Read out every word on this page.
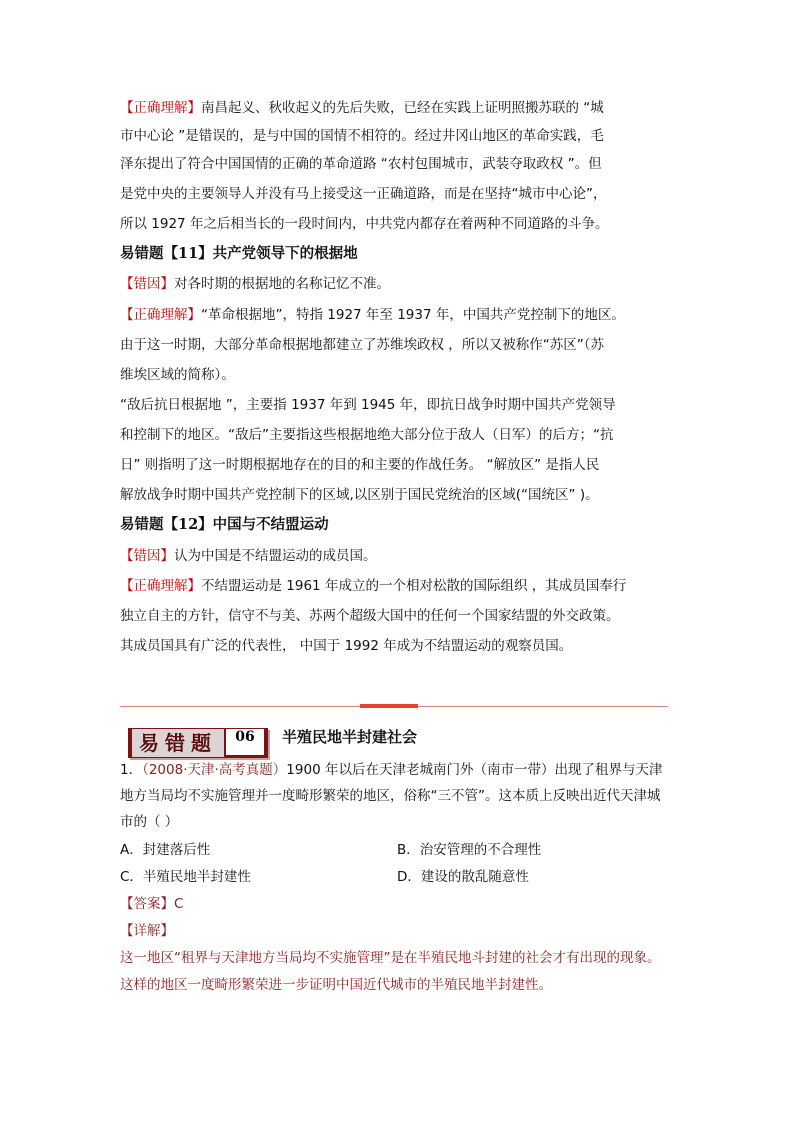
【正确理解】南昌起义、秋收起义的先后失败，已经在实践上证明照搬苏联的 “城
市中心论 ”是错误的，是与中国的国情不相符的。经过井冈山地区的革命实践，毛
泽东提出了符合中国国情的正确的革命道路 “农村包围城市，武装夺取政权 ”。但
是党中央的主要领导人并没有马上接受这一正确道路，而是在坚持“城市中心论”，
所以 1927 年之后相当长的一段时间内，中共党内都存在着两种不同道路的斗争。
易错题【11】共产党领导下的根据地
【错因】对各时期的根据地的名称记忆不准。
【正确理解】“革命根据地”，特指 1927 年至 1937 年，中国共产党控制下的地区。
由于这一时期，大部分革命根据地都建立了苏维埃政权 ，所以又被称作“苏区”（苏
维埃区域的简称）。
“敌后抗日根据地 ”，主要指 1937 年到 1945 年，即抗日战争时期中国共产党领导
和控制下的地区。“敌后”主要指这些根据地绝大部分位于敌人（日军）的后方；“抗
日” 则指明了这一时期根据地存在的目的和主要的作战任务。 “解放区” 是指人民
解放战争时期中国共产党控制下的区域,以区别于国民党统治的区域(“国统区” )。
易错题【12】中国与不结盟运动
【错因】认为中国是不结盟运动的成员国。
【正确理解】不结盟运动是 1961 年成立的一个相对松散的国际组织 ，其成员国奉行
独立自主的方针，信守不与美、苏两个超级大国中的任何一个国家结盟的外交政策。
其成员国具有广泛的代表性， 中国于 1992 年成为不结盟运动的观察员国。
易错题	06	半殖民地半封建社会
1．（2008·天津·高考真题）1900 年以后在天津老城南门外（南市一带）出现了租界与天津
地方当局均不实施管理并一度畸形繁荣的地区，俗称“三不管”。这本质上反映出近代天津城
市的（ ）
A．封建落后性	B．治安管理的不合理性
C．半殖民地半封建性	D．建设的散乱随意性
【答案】C
【详解】
这一地区“租界与天津地方当局均不实施管理”是在半殖民地斗封建的社会才有出现的现象。
这样的地区一度畸形繁荣进一步证明中国近代城市的半殖民地半封建性。
